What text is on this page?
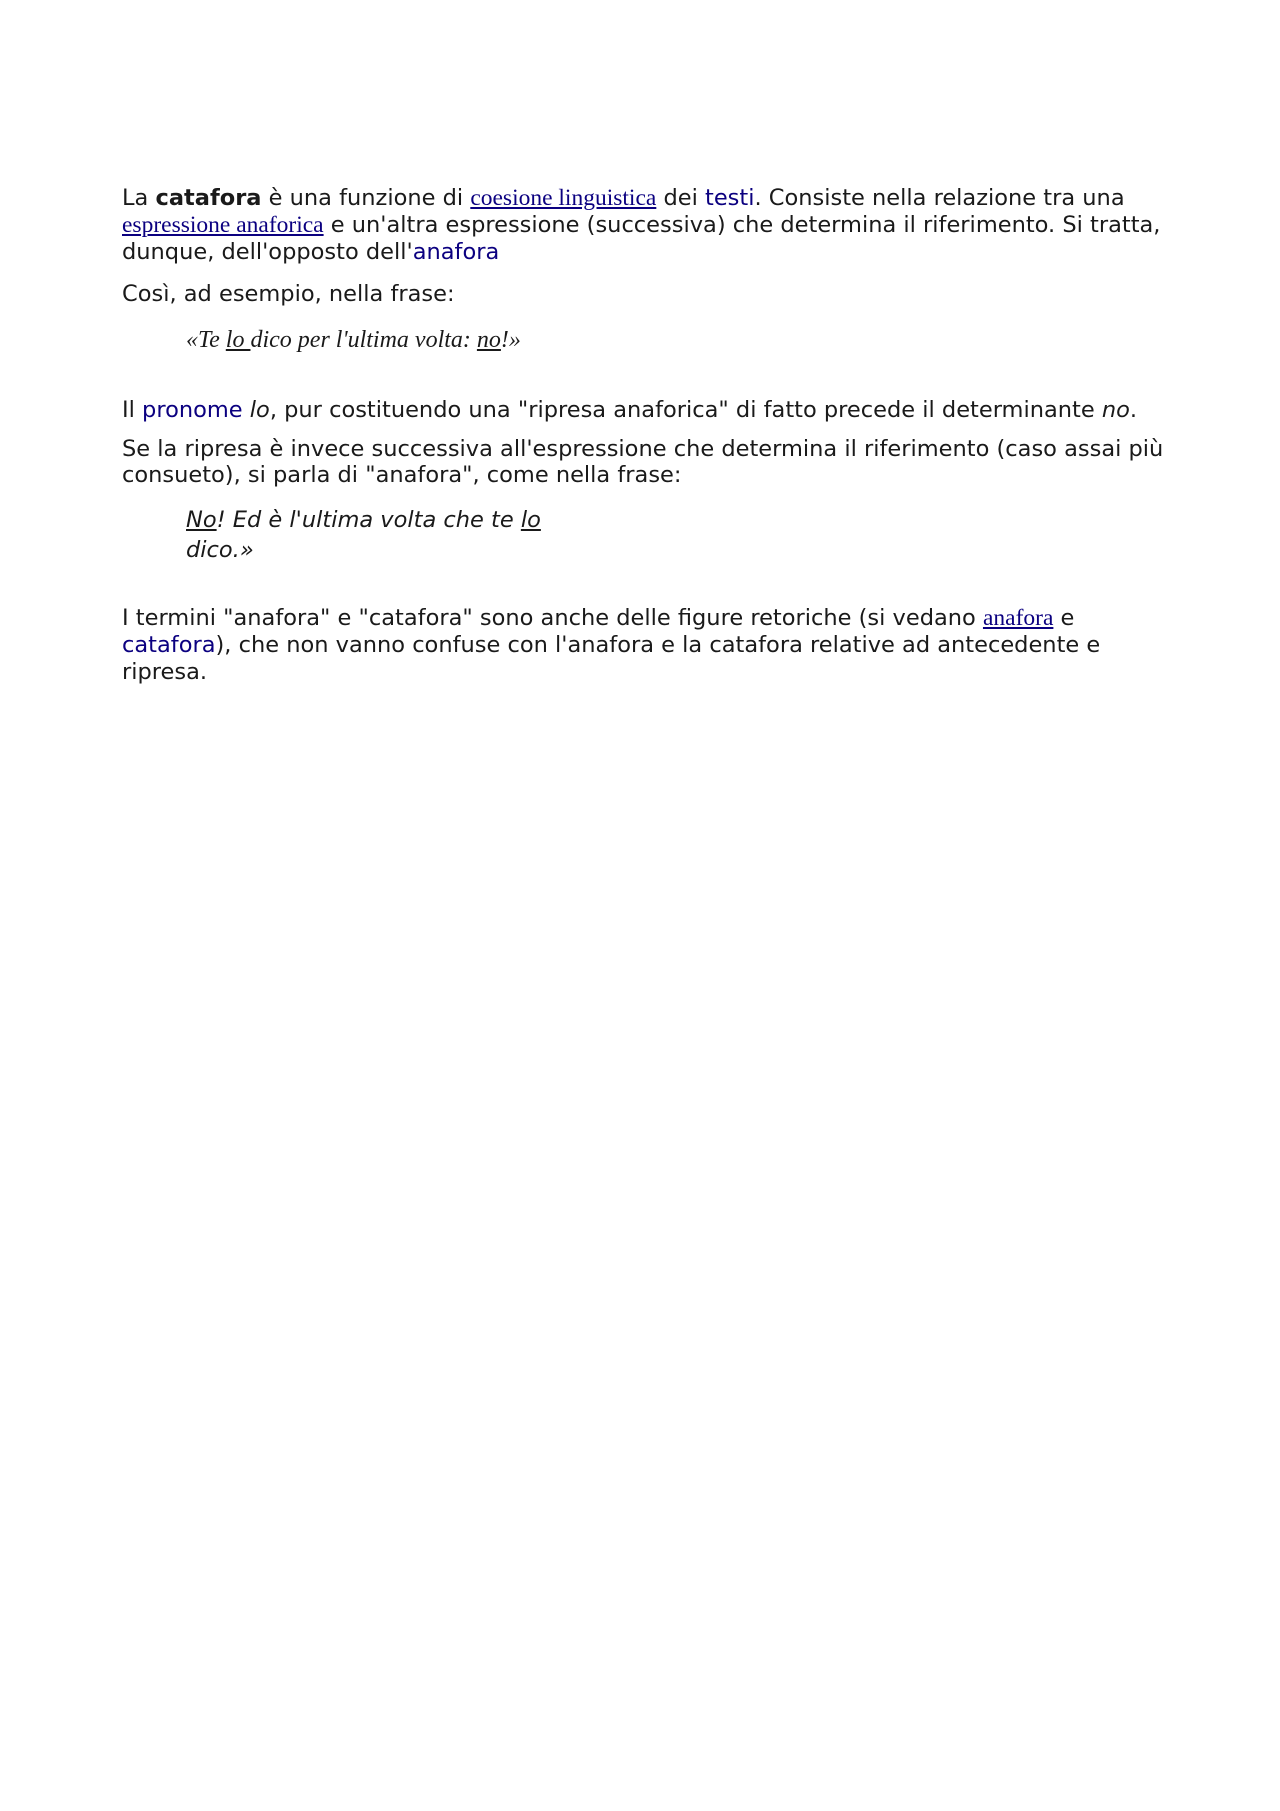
La catafora è una funzione di coesione linguistica dei testi. Consiste nella relazione tra una espressione anaforica e un'altra espressione (successiva) che determina il riferimento. Si tratta, dunque, dell'opposto dell'anafora

Così, ad esempio, nella frase:

«Te lo dico per l'ultima volta: no!»

Il pronome lo, pur costituendo una "ripresa anaforica" di fatto precede il determinante no.

Se la ripresa è invece successiva all'espressione che determina il riferimento (caso assai più consueto), si parla di "anafora", come nella frase:

No! Ed è l'ultima volta che te lo dico.»

I termini "anafora" e "catafora" sono anche delle figure retoriche (si vedano anafora e catafora), che non vanno confuse con l'anafora e la catafora relative ad antecedente e ripresa.
